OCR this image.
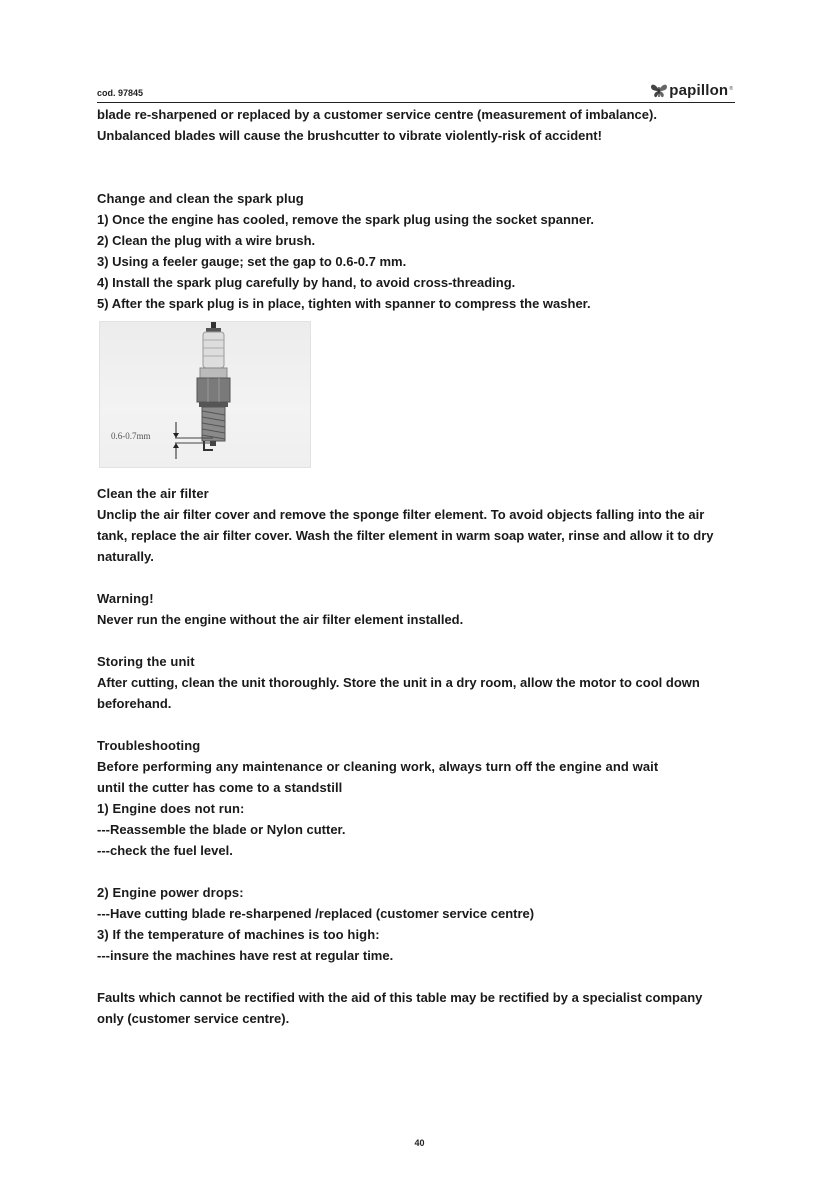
cod. 97845	papillon ®

blade re-sharpened or replaced by a customer service centre (measurement of imbalance).

Unbalanced blades will cause the brushcutter to vibrate violently-risk of accident!

Change and clean the spark plug

1) Once the engine has cooled, remove the spark plug using the socket spanner.

2) Clean the plug with a wire brush.

3) Using a feeler gauge; set the gap to 0.6-0.7 mm.

4) Install the spark plug carefully by hand, to avoid cross-threading.

5) After the spark plug is in place, tighten with spanner to compress the washer.

0.6-0.7mm

Clean the air filter

Unclip the air filter cover and remove the sponge filter element. To avoid objects falling into the air

tank, replace the air filter cover. Wash the filter element in warm soap water, rinse and allow it to dry

naturally.

Warning!

Never run the engine without the air filter element installed.

Storing the unit

After cutting, clean the unit thoroughly. Store the unit in a dry room, allow the motor to cool down

beforehand.

Troubleshooting

Before performing any maintenance or cleaning work, always turn off the engine and wait

until the cutter has come to a standstill

1) Engine does not run:

---Reassemble the blade or Nylon cutter.

---check the fuel level.

2) Engine power drops:

---Have cutting blade re-sharpened /replaced (customer service centre)

3) If the temperature of machines is too high:

---insure the machines have rest at regular time.

Faults which cannot be rectified with the aid of this table may be rectified by a specialist company

only (customer service centre).

40
